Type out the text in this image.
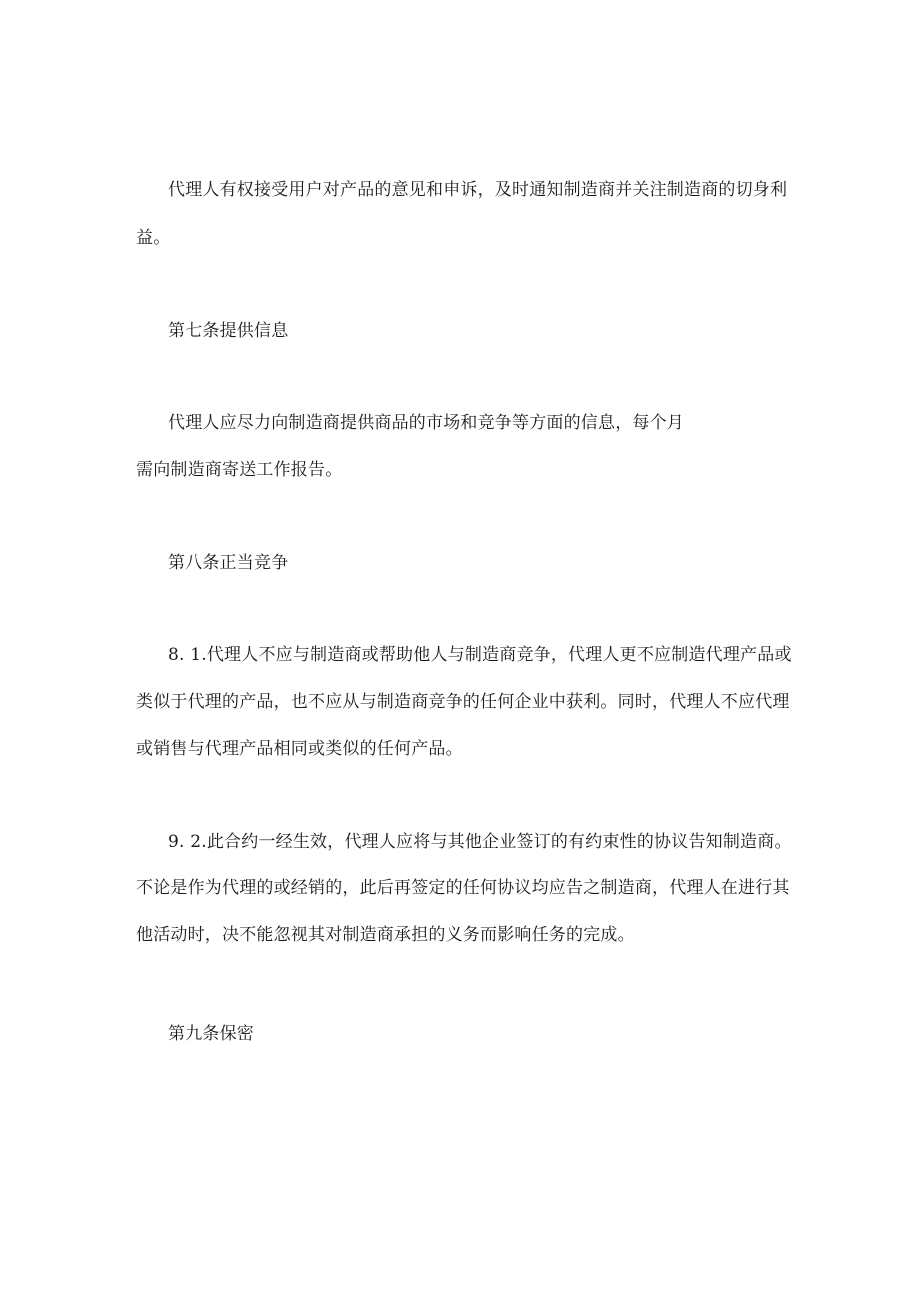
代理人有权接受用户对产品的意见和申诉，及时通知制造商并关注制造商的切身利
益。
第七条提供信息
代理人应尽力向制造商提供商品的市场和竞争等方面的信息，每个月
需向制造商寄送工作报告。
第八条正当竞争
8. 1.代理人不应与制造商或帮助他人与制造商竞争，代理人更不应制造代理产品或
类似于代理的产品，也不应从与制造商竞争的任何企业中获利。同时，代理人不应代理
或销售与代理产品相同或类似的任何产品。
9. 2.此合约一经生效，代理人应将与其他企业签订的有约束性的协议告知制造商。
不论是作为代理的或经销的，此后再签定的任何协议均应告之制造商，代理人在进行其
他活动时，决不能忽视其对制造商承担的义务而影响任务的完成。
第九条保密
